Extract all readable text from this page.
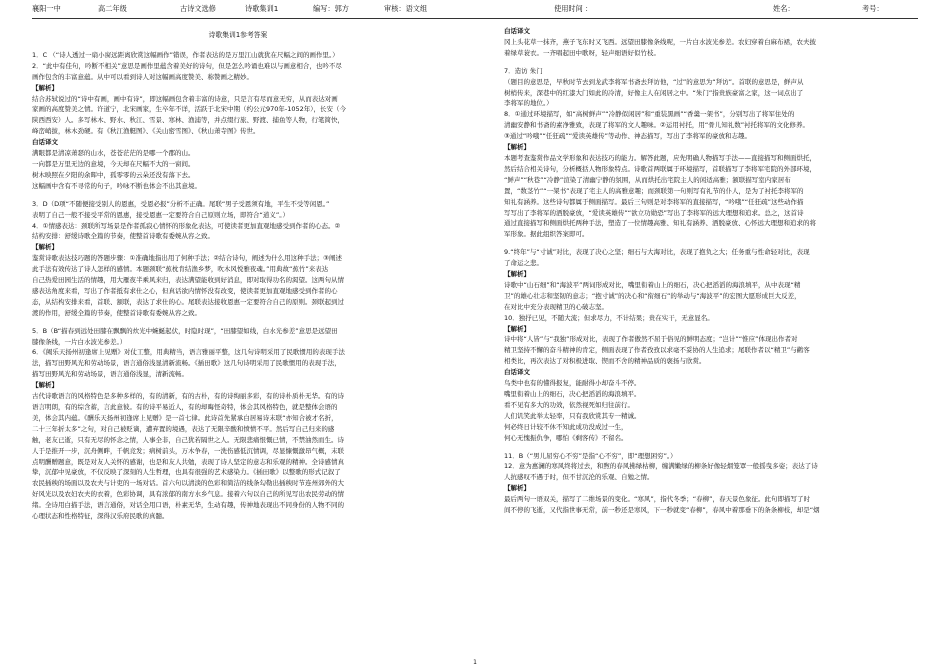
襄阳一中	高二年级	古诗文选修	诗歌集训1	编写：郭方	审核：语文组	使用时间 ：	姓名：	考号：

诗歌集训1参考答案

1．C （“诗人透过一扇小窗远距离欣赏这幅画作”错误，作者表达的是万里江山就犹在尺幅之间的画作里。）

2．“此中有佳句，吟断不相关”意思是画作里蕴含着美好的诗句，但是怎么吟诵也难以与画意相合，也吟不尽

画作包含的丰富意蕴。从中可以看到诗人对这幅画高度赞美、称赞画之精妙。

【解析】

结合苏轼说过的“诗中有画，画中有诗”，即这幅画包含着丰富的诗意，只是言有尽而意无穷，从而表达对画

家画的高度赞美之情。许道宁，北宋画家，生卒年不详，活跃于北宋中期（约公元970年-1052年），长安（今

陕西西安）人。多写林木、野水、秋江、雪景、寒林、渔浦等，并点缀行旅、野渡、捕鱼等人物，行笔简快，

峰峦峭拔，林木劲硬。有《秋江渔艇图》、《关山密雪图》、《秋山萧寺图》传世。

白话译文

满眼都是清凉萧瑟的山水，苍苍茫茫的是哪一个郡的山。

一向都是万里无边的意境，今天却在尺幅不大的一窗间。

树木映照在夕阳的余晖中，孤零零的云朵还没有落下去。

这幅画中含有不寻常的句子，吟咏不断也体会不出其意境。

3．D（D项“不随便接受别人的恩惠，受恩必报”分析不正确。尾联“男子受恩须有地，平生不受等闲恩。”

表明了自己一般不接受平常的恩惠，接受恩惠一定要符合自己原则立场，即符合“道义”。）

4．①情感表达：颈联所写场景是作者孤寂心情怀的形象化表达，可使读者更加直观地感受到作者的心态。②

结构安排：舒缓诗歌全篇的节奏，使整首诗歌有委婉从容之致。

【解析】

鉴赏诗歌表达技巧题的答题步骤：①准确地指出用了何种手法；②结合诗句，阐述为什么用这种手法；③阐述

此手法有效传达了诗人怎样的感情。本题颈联“蕉枕肯结渔乡梦，吹木风悦雅夜魂。”用典故“蕉竹”来表达

自己热爱田园生活的情趣，用大雁夜半乘风来归，表达满望能收到好消息，即对取得功名的渴望。这两句从情

感表达角度来看，写出了作者抵有求仕之心，但真话欲内情怀没有改变，使读者更加直观地感受到作者的心

态，从结构安排来看，首联、颔联，表达了求仕的心。尾联表达接收恩惠一定要符合自己的原则。颈联起到过

渡的作用，舒缓全篇的节奏，使整首诗歌有委婉从容之致。

5．B（B“描春到远处田膝在飘飘的炊光中蜿蜒起伏，时隐时现”，“田膝望如线，白水光参差”意思是远望田

膝像条线，一片白水波光参差。）

6．《阙乐天扬州初逢席上见赠》对仗工整，用典精当，语言雅丽平整，这几句诗明采用了民歌惯用的表现手法

法，描写田野风光和劳动场景，语言通俗浅显清新流畅。《插田歌》这几句诗明采用了民歌惯用的表现手法，

描写田野风光和劳动场景，语言通俗浅显，清新流畅。

【解析】

古代诗歌语言的风格特色是多种多样的，有的清新，有的古朴，有的诗绚丽多彩，有的诗朴质朴无华。有的诗

语言明朗，有的综含蓄，言此意彼。有的诗平易近人，有的却晦怪奇特，体会其风格特色，就是整体会语的

美，体会其内蕴。《酬乐天扬州初逢席上见赠》是一首七律。此诗首先紧承白居易诗末联“亦知合被才名折，

二十三年折太多”之句，对自己被贬谪，遭弃置的境遇，表达了无限辛酸和愤愤不平。然后写自己归来的感

触，老友已逝，只有无尽的怀念之情，人事全非，自己犹若隔世之人。无限悲痛恨慨已情，不禁油然而生。诗

人于是推开一步，沉舟侧畔，千帆竞发；病树前头，万木争春，一洗伤感低沉情调，尽显慷慨激昂气概，末联

点明酬赠题意，既是对友人关怀的感谢，也是和友人共勉，表现了诗人坚定的意志和乐观的精神。全诗感情真

挚，沉郁中见豪放，不仅反映了深刻的人生哲理，也具有很强的艺术感染力。《插田歌》以整歌的形式记叙了

农民插秧的场面以及农夫与计吏的一场对话。首六句以清淡的色彩和简洁的线条勾勒出插秧时节连州郊外的大

好风光以及农妇农夫的衣着，色彩协调，具有浓郁的南方水乡气息。接着六句以自己的所见写出农民劳动的情

绪。全诗用白描手法，语言通俗，对话全用口语，朴素无华，生动有趣，传神地表现出不同身份的人物不同的

心理状态和性格特征，深得汉乐府民歌的真髓。

白话译文

冈上头花草一抹齐，燕子飞东时又飞西。远望田膝像条线呢，一片白水波光参差。农妇穿着白麻布裙，农夫披

着绿草蓑衣。一齐唱起田中歌呀，轻声细语好似竹枝。

7．造访 朱门

（题目的意思是，早秋时节去到龙武李将军书斋去拜访他，“过”的意思为“拜访”。首联的意思是，鲜声从

树梢传来，深巷中的红漆大门如此的冷清，好像主人在闲居之中。“朱门”指贵族豪富之家，这一词点出了

李将军的地位。）

8．①通过环境描写，如“高树鲜声”“冷静似闲居”和“重装黑画”“香羹一架书”，分别写出了将军住处的

清幽安静和书斋的素净雅致，表现了将军的文人趣味。②运用衬托，用“骨儿知礼数”衬托将军的文化修养。

③通过“吟哦”“任狂疏”“爱读英雄传”等动作、神态描写，写出了李将军的豪放和志趣。

【解析】

本题考查鉴赏作品文学形象和表达技巧的能力。解答此题，应先明确人物描写手法——直接描写和侧面烘托，

然后结合相关诗句，分析概括人物形象特点。诗歌首两联属于环境描写，首联描写了李将军宅院的外部环境，

“鲜声”“秋巷”“冷静”渲染了清幽宁静的氛围，从而烘托出宅院主人的闲适高雅；颔联描写室内家居布

置，“数茎竹”“一架书”表现了宅主人的高雅意趣；而颈联第一句则写有礼节的仆人，是为了衬托李将军的

知礼有涵养。这些诗句都属于侧面描写。最后三句则是对李将军的直接描写，“吟哦”“任狂疏”这些动作描

写写出了李将军的洒脱豪放，“爱读英雄传”“欲立功勋恐”写出了李将军的远大理想和追求。总之，这首诗

通过直接描写和侧面烘托两种手法，塑造了一位情趣高雅、知礼有涵养、洒脱豪放、心怀远大理想和追求的将

军形象。据此组织答案即可。

9.“终年”与“寸诚”对比，表现了决心之坚；细石与大海对比，表现了抱负之大；任务重与性命轻对比，表现

了命运之悲。

【解析】

诗歌中“山石细”和“海波平”两词形成对比，嘴里衔着山上的细石，决心把滔滔的海浪填平，从中表现“精

卫”的雄心壮志和坚韧的意志；“抱寸诚”的决心和“衔细石”的举动与“海波平”的宏图大愿形成巨大反差，

在对比中充分表现精卫的心破志坚。

10．独抒已见，不随大流；但求尽力，不计结果；贵在实干，无意显名。

【解析】

诗中将“人皆”与“我独”形成对比，表现了作者傲然不屈于俗见的鲜明态度；“岂计”“惟应”体现出作者对

精卫坚持不懈的奋斗精神的肯定，侧面表现了作者孜孜以求毫不妥协的人生追求；尾联作者以“精卫”与鹳客

相类比，再次表达了对积极进取、锲而不舍的精神品质的褒扬与欣赏。

白话译文

鸟类中也有的懂得报复，能耐得小却奋斗不停。

嘴里衔着山上的细石，决心把滔滔的海浪填平。

看不见有多大的功效，依然视死如归往前行。

人们讥笑此举太轻率，只有我欣赏其专一精诚。

何必终日计较不休不知此成功没成过一生，

何心无愧振仇争，哪怕《剩客传》不留名。

11．B（“男儿屈穷心不穷”是指“心不穷”，即“理想困穷”。）

12．意为惠澜的寒风终将过去，和煦的春风拂绿枯柳，缠满嫩绿的柳条好像轻烟笼罩一般摇曳多姿；表达了诗

人抗感叹不遇于时，但不甘沉沦的乐观、自勉之情。

【解析】

最后两句一语双关，描写了二维场景的变化。“寒风”，指代冬季；“春柳”，春天景色象征。此句即描写了时

间不停的飞逝，又代指世事无常，前一秒还是寒风，下一秒就变“春柳”，春风中着那垂下的条条柳枝，却是“烟

1
